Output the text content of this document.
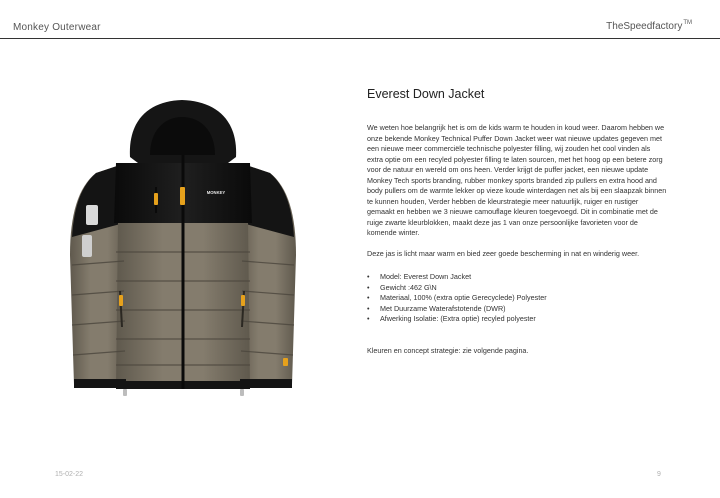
Monkey Outerwear	TheSpeedfactory™
MONKEY
Everest Down Jacket

We weten hoe belangrijk het is om de kids warm te houden in koud weer. Daarom hebben we onze bekende Monkey Technical Puffer Down Jacket weer wat nieuwe updates gegeven met een nieuwe meer commerciële technische polyester filling, wij zouden het cool vinden als extra optie om een recyled polyester filling te laten sourcen, met het hoog op een betere zorg voor de natuur en wereld om ons heen. Verder krijgt de puffer jacket, een nieuwe update Monkey Tech sports branding, rubber monkey sports branded zip pullers en extra hood and body pullers om de warmte lekker op vieze koude winterdagen net als bij een slaapzak binnen te kunnen houden, Verder hebben de kleurstrategie meer natuurlijk, ruiger en rustiger gemaakt en hebben we 3 nieuwe camouflage kleuren toegevoegd. Dit in combinatie met de ruige zwarte kleurblokken, maakt deze jas 1 van onze persoonlijke favorieten voor de komende winter.

Deze jas is licht maar warm en bied zeer goede bescherming in nat en winderig weer.

• Model: Everest Down Jacket
• Gewicht :462 G\N
• Materiaal, 100% (extra optie Gerecyclede) Polyester
• Met Duurzame Waterafstotende (DWR)
• Afwerking Isolatie: (Extra optie) recyled polyester

Kleuren en concept strategie: zie volgende pagina.

15-02-22	9
